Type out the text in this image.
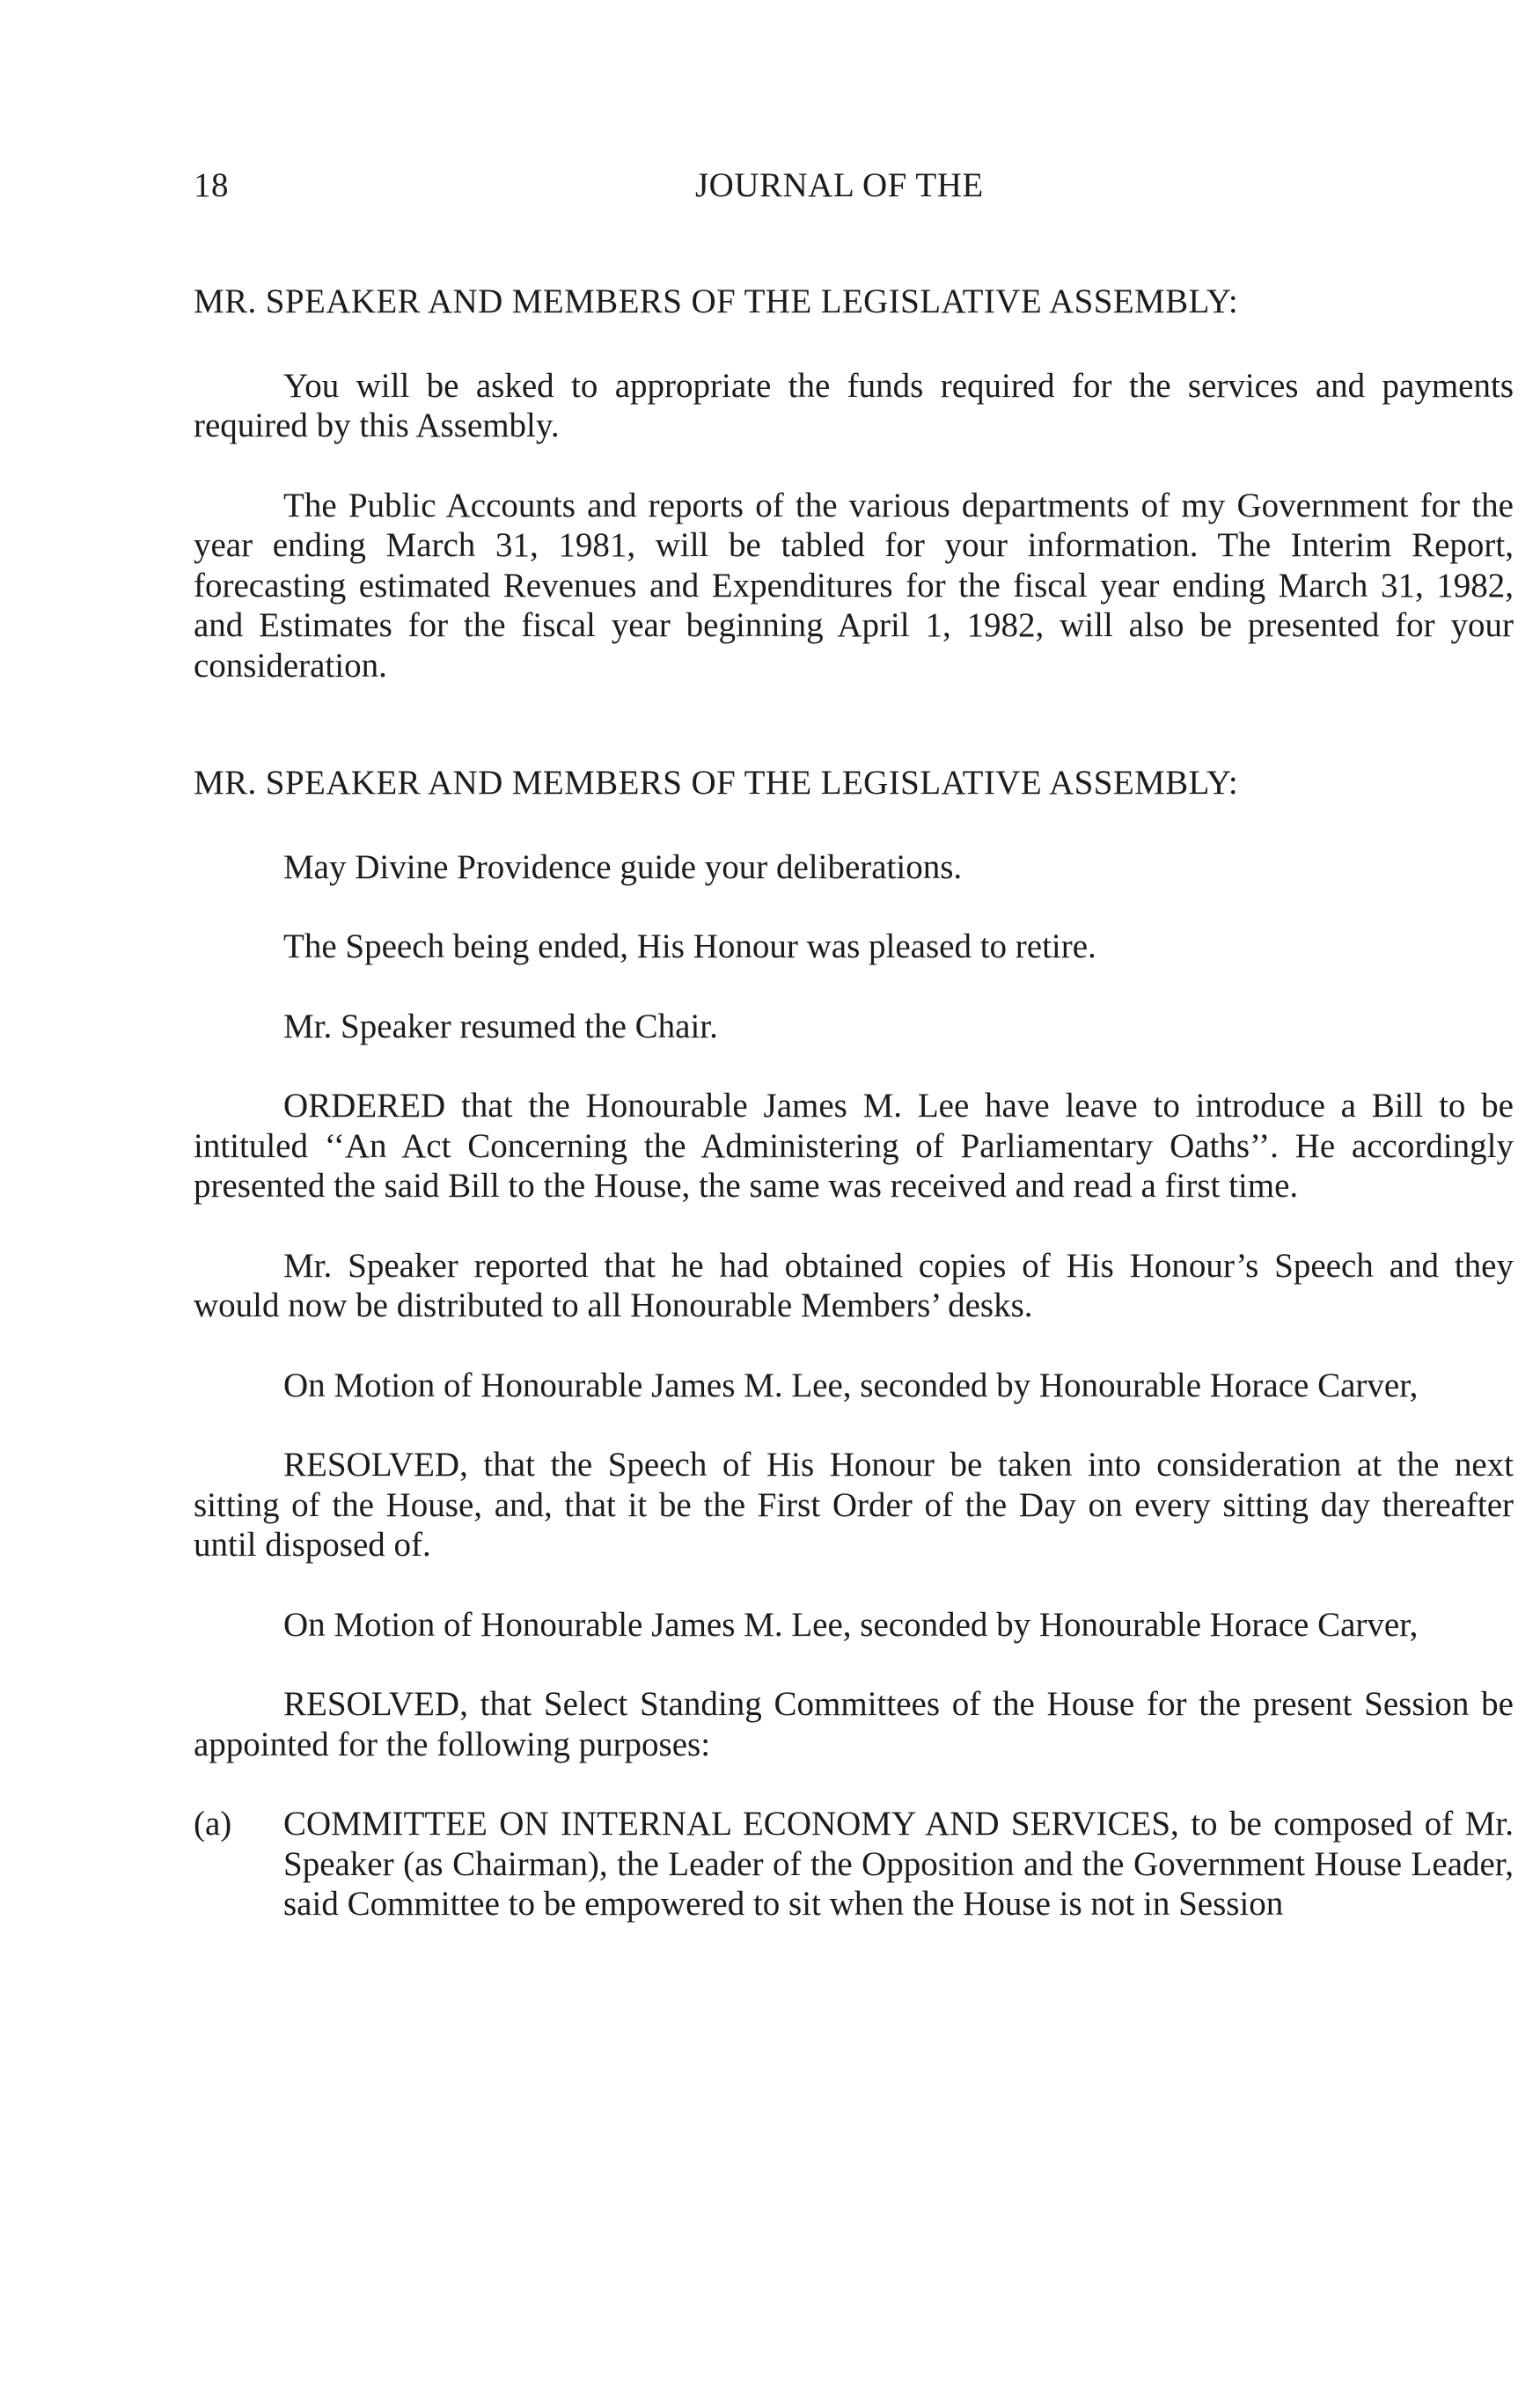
18	JOURNAL OF THE

MR. SPEAKER AND MEMBERS OF THE LEGISLATIVE ASSEMBLY:

You will be asked to appropriate the funds required for the services and payments required by this Assembly.

The Public Accounts and reports of the various departments of my Government for the year ending March 31, 1981, will be tabled for your information. The Interim Report, forecasting estimated Revenues and Expenditures for the fiscal year ending March 31, 1982, and Estimates for the fiscal year beginning April 1, 1982, will also be presented for your consideration.

MR. SPEAKER AND MEMBERS OF THE LEGISLATIVE ASSEMBLY:

May Divine Providence guide your deliberations.

The Speech being ended, His Honour was pleased to retire.

Mr. Speaker resumed the Chair.

ORDERED that the Honourable James M. Lee have leave to introduce a Bill to be intituled ‘‘An Act Concerning the Administering of Parliamentary Oaths’’. He accordingly presented the said Bill to the House, the same was received and read a first time.

Mr. Speaker reported that he had obtained copies of His Honour’s Speech and they would now be distributed to all Honourable Members’ desks.

On Motion of Honourable James M. Lee, seconded by Honourable Horace Carver,

RESOLVED, that the Speech of His Honour be taken into consideration at the next sitting of the House, and, that it be the First Order of the Day on every sitting day thereafter until disposed of.

On Motion of Honourable James M. Lee, seconded by Honourable Horace Carver,

RESOLVED, that Select Standing Committees of the House for the present Session be appointed for the following purposes:

(a)	COMMITTEE ON INTERNAL ECONOMY AND SERVICES, to be composed of Mr. Speaker (as Chairman), the Leader of the Opposition and the Government House Leader, said Committee to be empowered to sit when the House is not in Session
